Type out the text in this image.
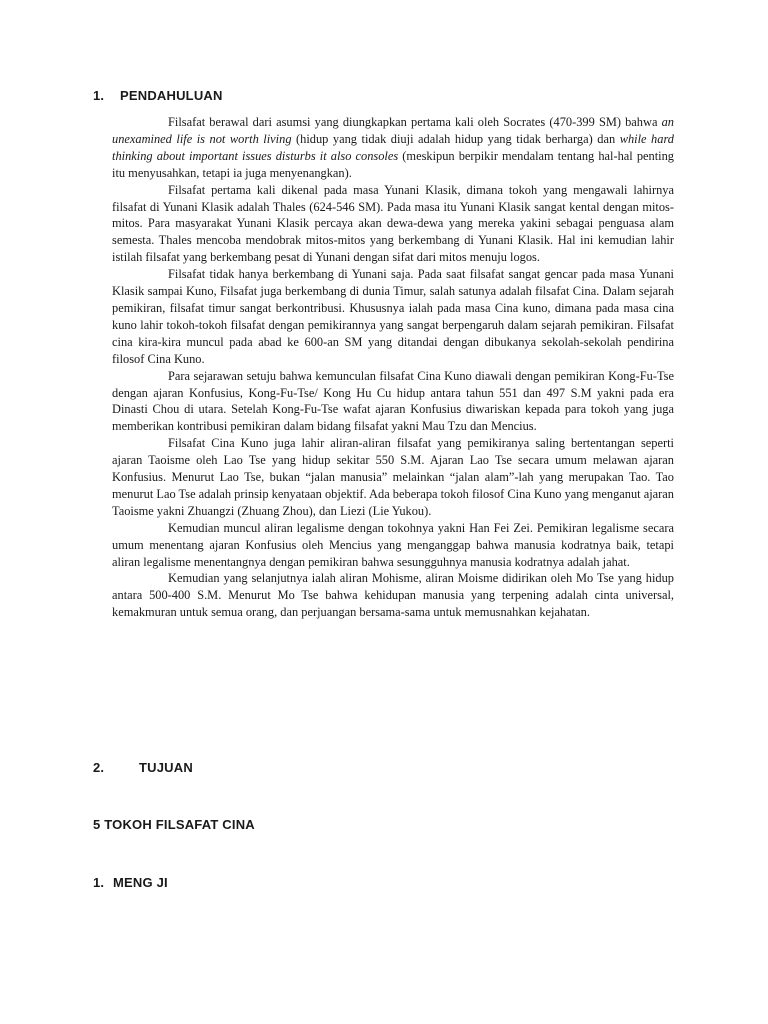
1. PENDAHULUAN

Filsafat berawal dari asumsi yang diungkapkan pertama kali oleh Socrates (470-399 SM) bahwa an unexamined life is not worth living (hidup yang tidak diuji adalah hidup yang tidak berharga) dan while hard thinking about important issues disturbs it also consoles (meskipun berpikir mendalam tentang hal-hal penting itu menyusahkan, tetapi ia juga menyenangkan).

Filsafat pertama kali dikenal pada masa Yunani Klasik, dimana tokoh yang mengawali lahirnya filsafat di Yunani Klasik adalah Thales (624-546 SM). Pada masa itu Yunani Klasik sangat kental dengan mitos-mitos. Para masyarakat Yunani Klasik percaya akan dewa-dewa yang mereka yakini sebagai penguasa alam semesta. Thales mencoba mendobrak mitos-mitos yang berkembang di Yunani Klasik. Hal ini kemudian lahir istilah filsafat yang berkembang pesat di Yunani dengan sifat dari mitos menuju logos.

Filsafat tidak hanya berkembang di Yunani saja. Pada saat filsafat sangat gencar pada masa Yunani Klasik sampai Kuno, Filsafat juga berkembang di dunia Timur, salah satunya adalah filsafat Cina. Dalam sejarah pemikiran, filsafat timur sangat berkontribusi. Khususnya ialah pada masa Cina kuno, dimana pada masa cina kuno lahir tokoh-tokoh filsafat dengan pemikirannya yang sangat berpengaruh dalam sejarah pemikiran. Filsafat cina kira-kira muncul pada abad ke 600-an SM yang ditandai dengan dibukanya sekolah-sekolah pendirina filosof Cina Kuno.

Para sejarawan setuju bahwa kemunculan filsafat Cina Kuno diawali dengan pemikiran Kong-Fu-Tse dengan ajaran Konfusius, Kong-Fu-Tse/ Kong Hu Cu hidup antara tahun 551 dan 497 S.M yakni pada era Dinasti Chou di utara. Setelah Kong-Fu-Tse wafat ajaran Konfusius diwariskan kepada para tokoh yang juga memberikan kontribusi pemikiran dalam bidang filsafat yakni Mau Tzu dan Mencius.

Filsafat Cina Kuno juga lahir aliran-aliran filsafat yang pemikiranya saling bertentangan seperti ajaran Taoisme oleh Lao Tse yang hidup sekitar 550 S.M. Ajaran Lao Tse secara umum melawan ajaran Konfusius. Menurut Lao Tse, bukan “jalan manusia” melainkan “jalan alam”-lah yang merupakan Tao. Tao menurut Lao Tse adalah prinsip kenyataan objektif. Ada beberapa tokoh filosof Cina Kuno yang menganut ajaran Taoisme yakni Zhuangzi (Zhuang Zhou), dan Liezi (Lie Yukou).

Kemudian muncul aliran legalisme dengan tokohnya yakni Han Fei Zei. Pemikiran legalisme secara umum menentang ajaran Konfusius oleh Mencius yang menganggap bahwa manusia kodratnya baik, tetapi aliran legalisme menentangnya dengan pemikiran bahwa sesungguhnya manusia kodratnya adalah jahat.

Kemudian yang selanjutnya ialah aliran Mohisme, aliran Moisme didirikan oleh Mo Tse yang hidup antara 500-400 S.M. Menurut Mo Tse bahwa kehidupan manusia yang terpening adalah cinta universal, kemakmuran untuk semua orang, dan perjuangan bersama-sama untuk memusnahkan kejahatan.

2.	TUJUAN
5 TOKOH FILSAFAT CINA
1. MENG JI
